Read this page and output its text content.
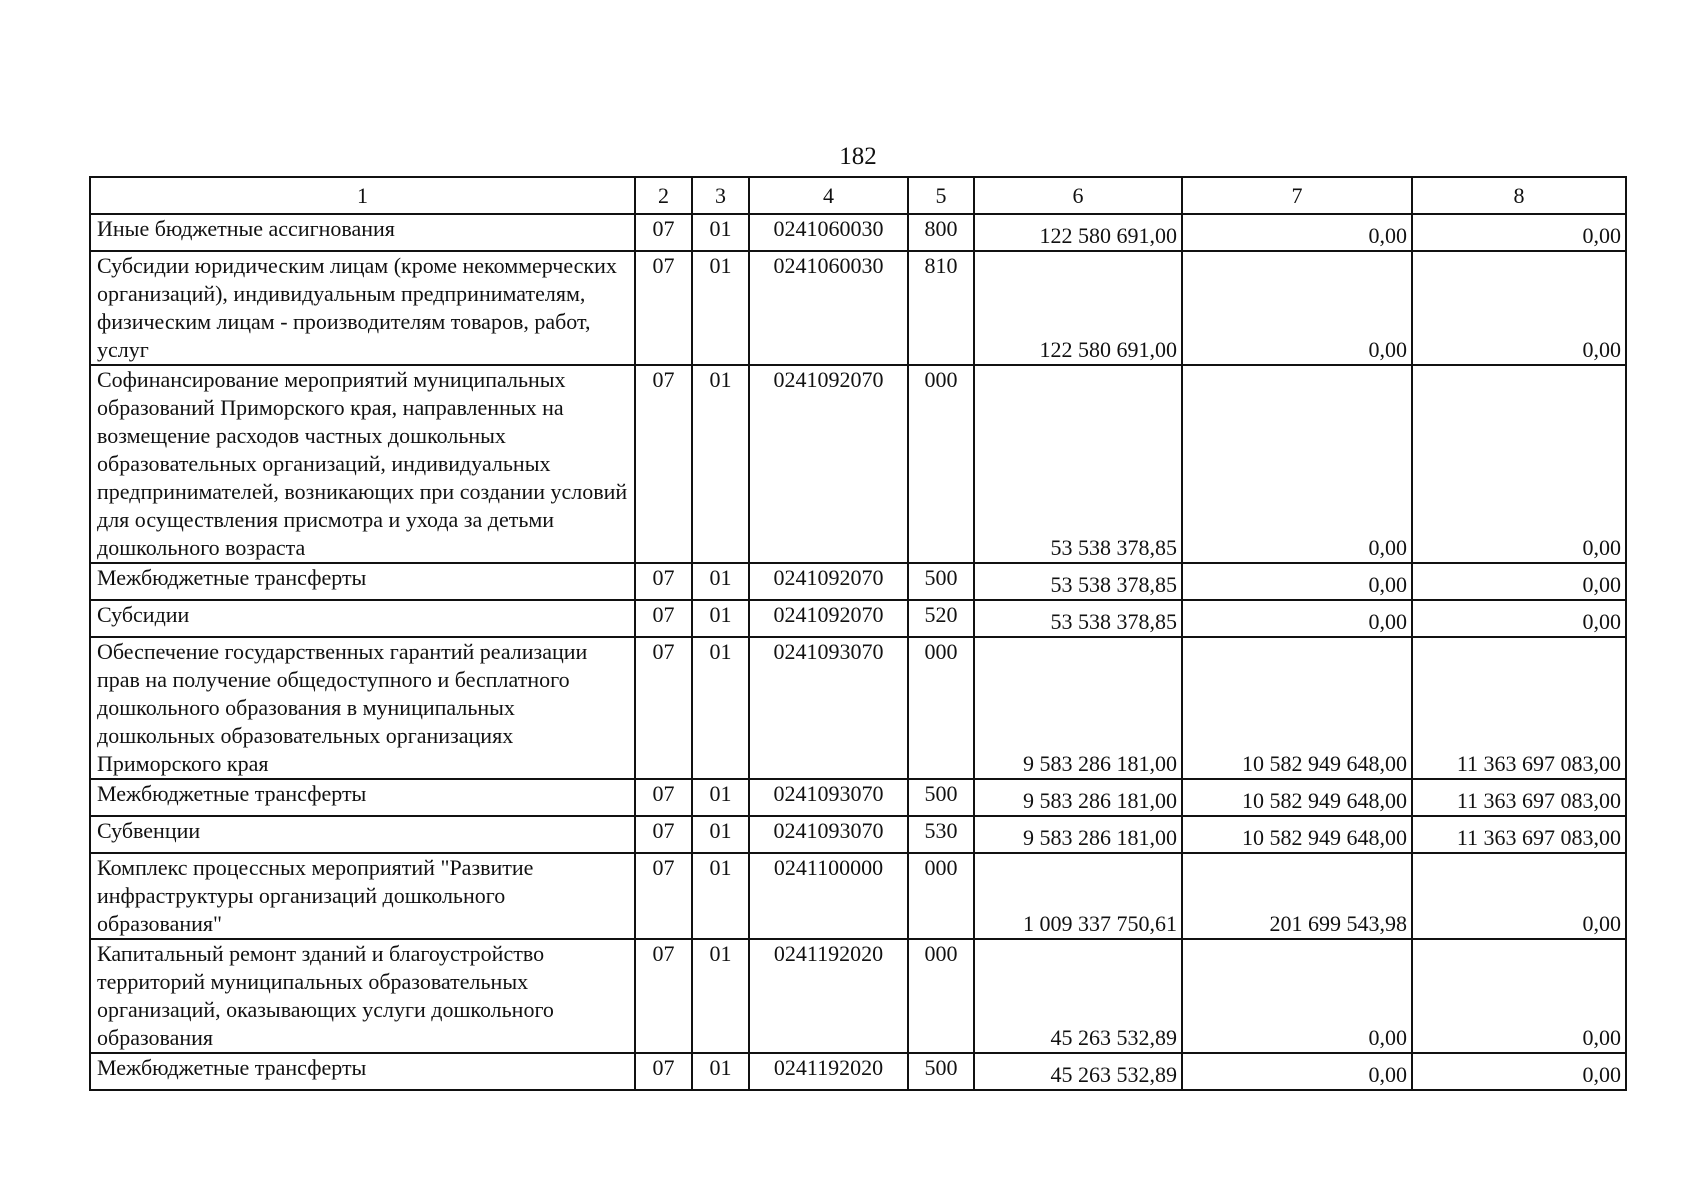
182
1	2	3	4	5	6	7	8
Иные бюджетные ассигнования	07	01	0241060030	800	122 580 691,00	0,00	0,00
Субсидии юридическим лицам (кроме некоммерческих организаций), индивидуальным предпринимателям, физическим лицам - производителям товаров, работ, услуг	07	01	0241060030	810	122 580 691,00	0,00	0,00
Софинансирование мероприятий муниципальных образований Приморского края, направленных на возмещение расходов частных дошкольных образовательных организаций, индивидуальных предпринимателей, возникающих при создании условий для осуществления присмотра и ухода за детьми дошкольного возраста	07	01	0241092070	000	53 538 378,85	0,00	0,00
Межбюджетные трансферты	07	01	0241092070	500	53 538 378,85	0,00	0,00
Субсидии	07	01	0241092070	520	53 538 378,85	0,00	0,00
Обеспечение государственных гарантий реализации прав на получение общедоступного и бесплатного дошкольного образования в муниципальных дошкольных образовательных организациях Приморского края	07	01	0241093070	000	9 583 286 181,00	10 582 949 648,00	11 363 697 083,00
Межбюджетные трансферты	07	01	0241093070	500	9 583 286 181,00	10 582 949 648,00	11 363 697 083,00
Субвенции	07	01	0241093070	530	9 583 286 181,00	10 582 949 648,00	11 363 697 083,00
Комплекс процессных мероприятий "Развитие инфраструктуры организаций дошкольного образования"	07	01	0241100000	000	1 009 337 750,61	201 699 543,98	0,00
Капитальный ремонт зданий и благоустройство территорий муниципальных образовательных организаций, оказывающих услуги дошкольного образования	07	01	0241192020	000	45 263 532,89	0,00	0,00
Межбюджетные трансферты	07	01	0241192020	500	45 263 532,89	0,00	0,00
